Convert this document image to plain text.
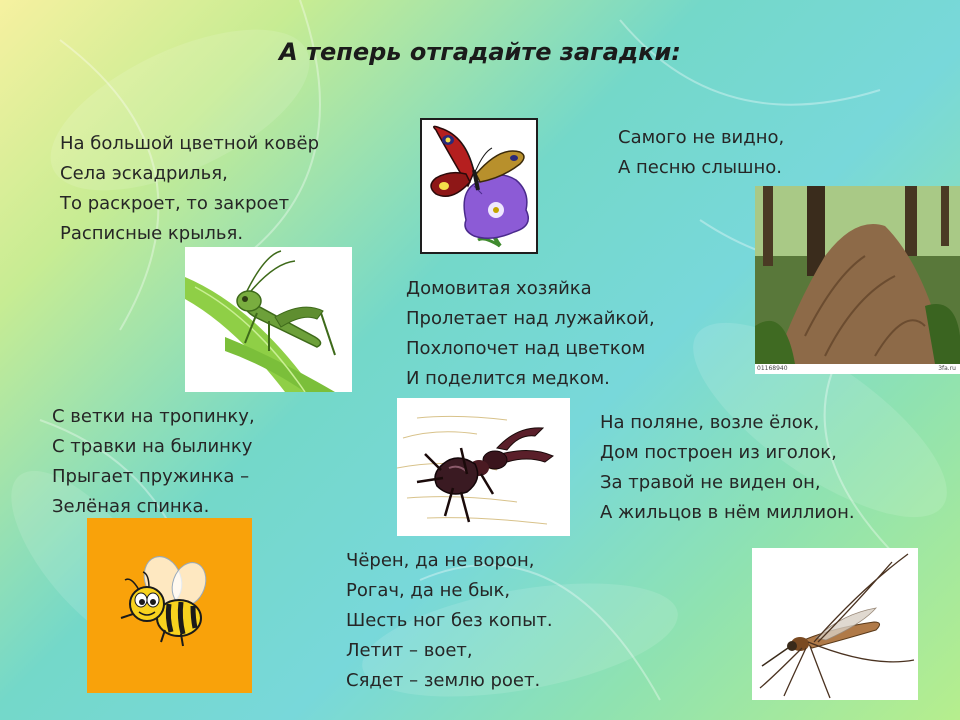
А теперь отгадайте загадки:
На большой цветной ковёр
Села эскадрилья,
То раскроет, то закроет
Расписные крылья.
Самого не видно,
А песню слышно.
Домовитая хозяйка
Пролетает над лужайкой,
Похлопочет над цветком
И поделится медком.
С ветки на тропинку,
С травки на былинку
Прыгает пружинка –
Зелёная спинка.
На поляне, возле ёлок,
Дом построен из иголок,
За травой не виден он,
А жильцов в нём миллион.
Чёрен, да не ворон,
Рогач, да не бык,
Шесть ног без копыт.
Летит – воет,
Сядет – землю роет.
01168940	3fa.ru
